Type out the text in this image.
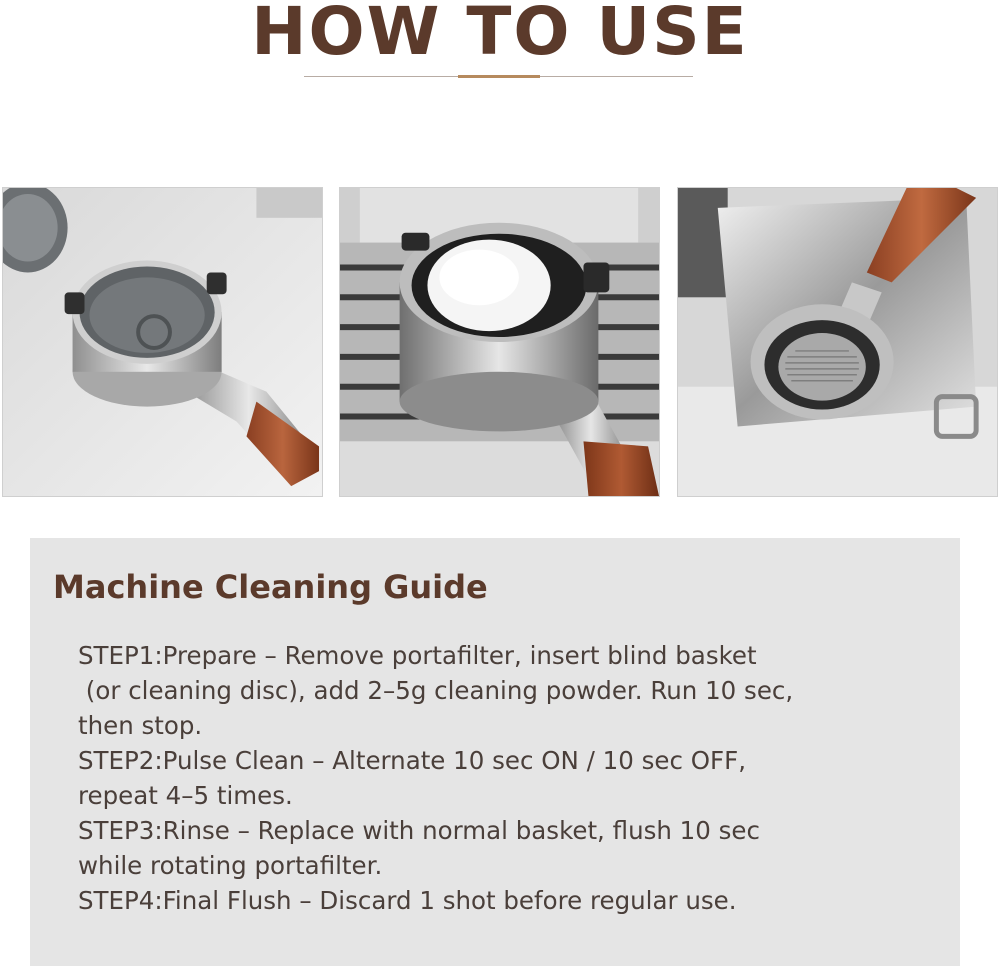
HOW TO USE
Machine Cleaning Guide
STEP1:Prepare – Remove portafilter, insert blind basket
(or cleaning disc), add 2–5g cleaning powder. Run 10 sec,
then stop.
STEP2:Pulse Clean – Alternate 10 sec ON / 10 sec OFF,
repeat 4–5 times.
STEP3:Rinse – Replace with normal basket, flush 10 sec
while rotating portafilter.
STEP4:Final Flush – Discard 1 shot before regular use.
